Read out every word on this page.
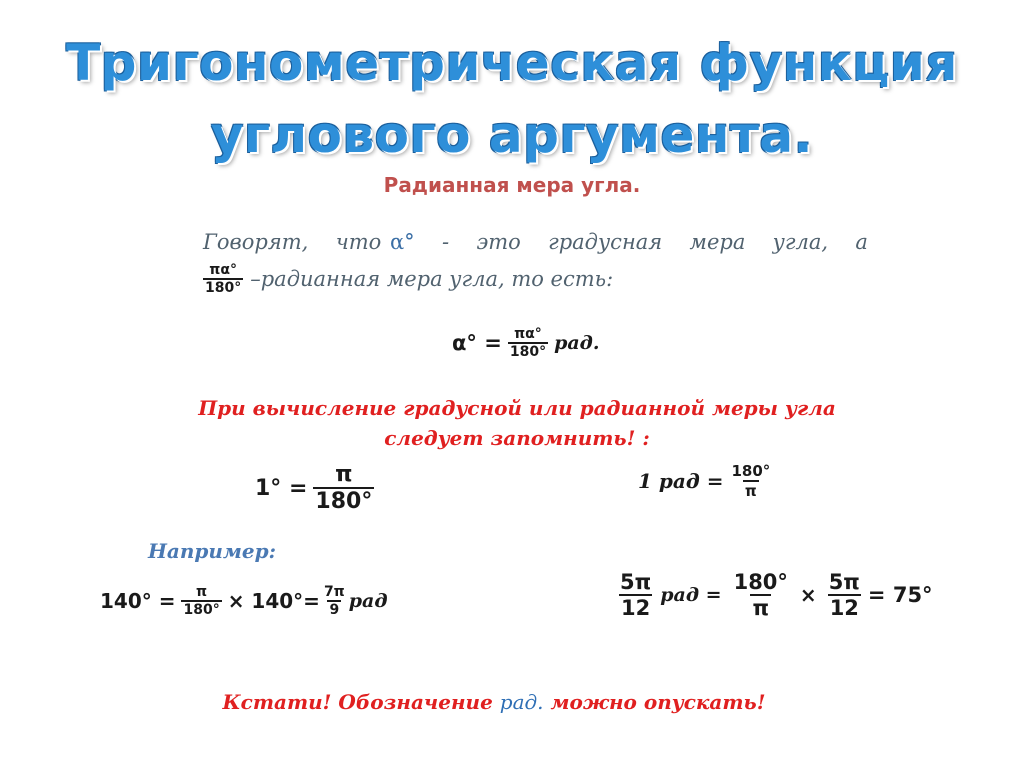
Тригонометрическая функция
углового аргумента.
Радианная мера угла.
Говорят, что α° - это градусная мера угла, а
$\frac{\pi\alpha^\circ}{180^\circ}$ –радианная мера угла, то есть:
$\alpha^\circ = \frac{\pi\alpha^\circ}{180^\circ}$ рад.
При вычисление градусной или радианной меры угла
следует запомнить! :
$1^\circ = \frac{\pi}{180^\circ}$	1 рад = $\frac{180^\circ}{\pi}$
Например:
$140^\circ = \frac{\pi}{180^\circ} \times 140^\circ= \frac{7\pi}{9}$ рад	$\frac{5\pi}{12}$ рад = $\frac{180^\circ}{\pi} \times \frac{5\pi}{12} = 75^\circ$
Кстати! Обозначение рад. можно опускать!
